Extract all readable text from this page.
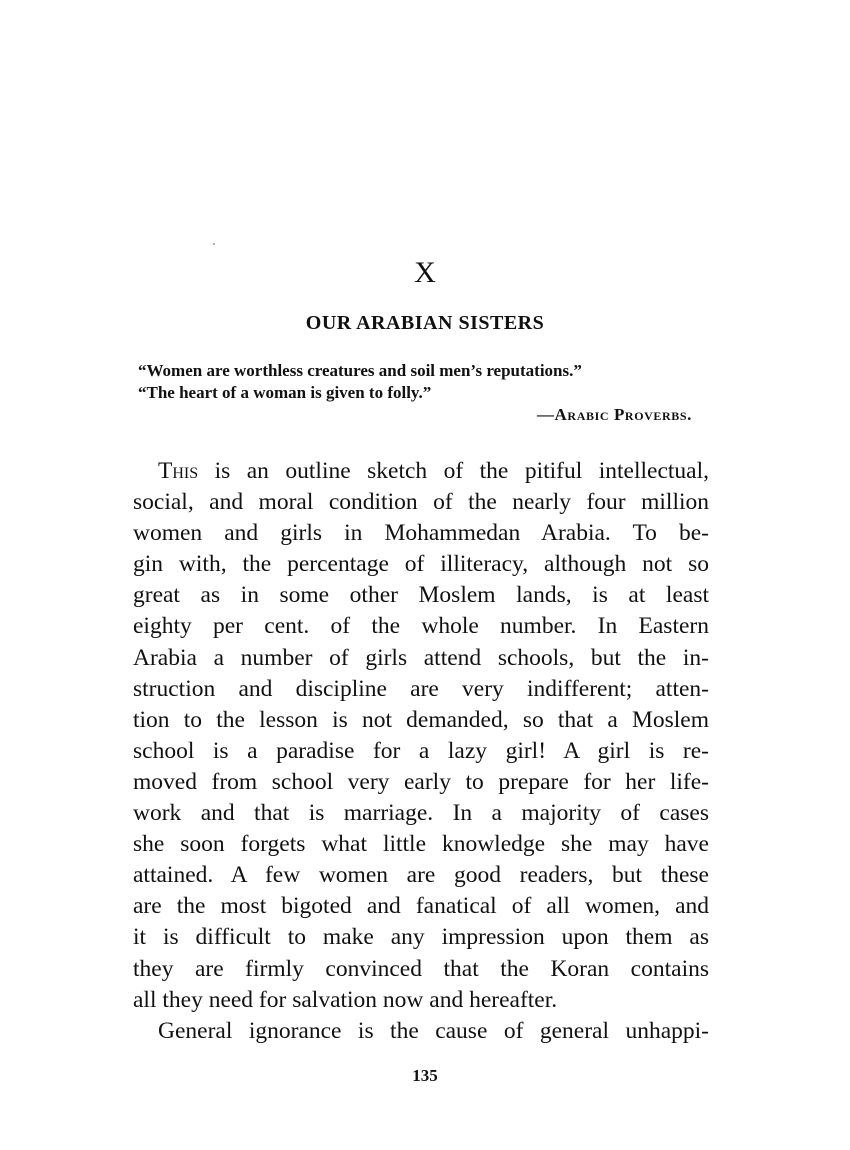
X
OUR ARABIAN SISTERS
“Women are worthless creatures and soil men’s reputations.”
“The heart of a woman is given to folly.”
—Arabic Proverbs.
This is an outline sketch of the pitiful intellectual,
social, and moral condition of the nearly four million
women and girls in Mohammedan Arabia. To be-
gin with, the percentage of illiteracy, although not so
great as in some other Moslem lands, is at least
eighty per cent. of the whole number. In Eastern
Arabia a number of girls attend schools, but the in-
struction and discipline are very indifferent; atten-
tion to the lesson is not demanded, so that a Moslem
school is a paradise for a lazy girl! A girl is re-
moved from school very early to prepare for her life-
work and that is marriage. In a majority of cases
she soon forgets what little knowledge she may have
attained. A few women are good readers, but these
are the most bigoted and fanatical of all women, and
it is difficult to make any impression upon them as
they are firmly convinced that the Koran contains
all they need for salvation now and hereafter.
General ignorance is the cause of general unhappi-
135
